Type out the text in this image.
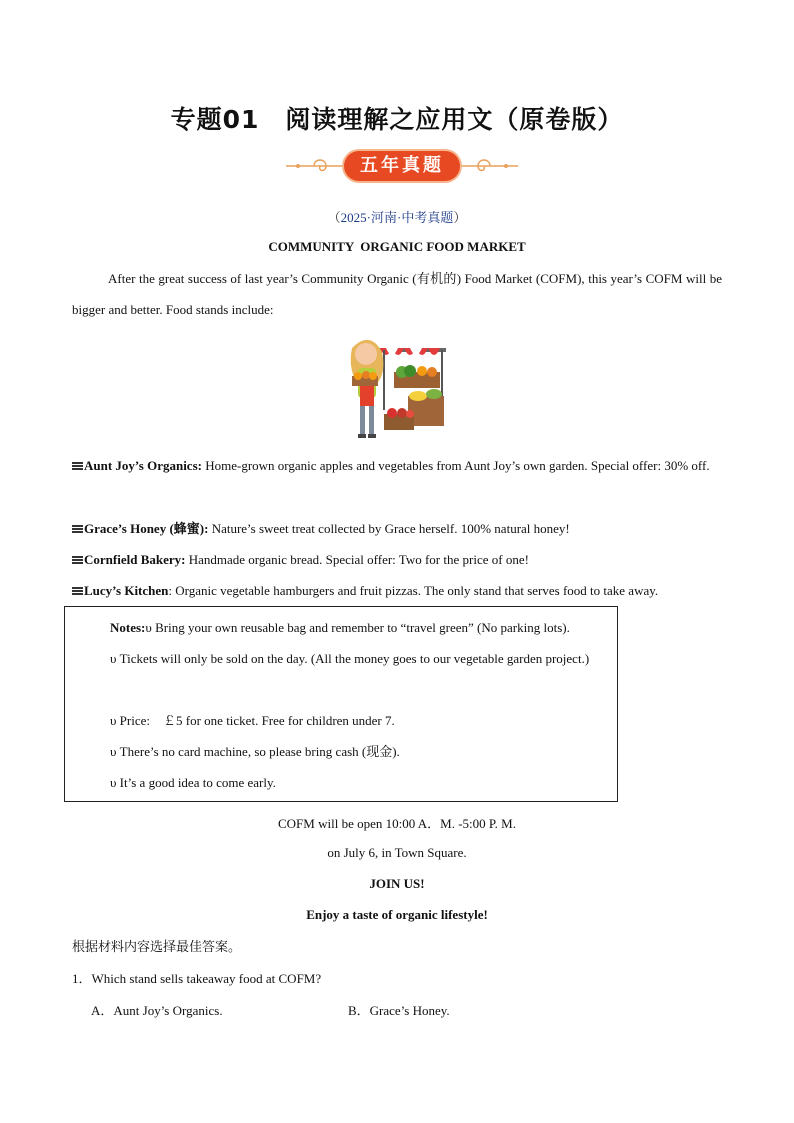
专题01　阅读理解之应用文（原卷版）
五年真题
（2025·河南·中考真题）
COMMUNITY  ORGANIC FOOD MARKET
After the great success of last year’s Community Organic (有机的) Food Market (COFM), this year’s COFM will be bigger and better. Food stands include:
Aunt Joy’s Organics: Home-grown organic apples and vegetables from Aunt Joy’s own garden. Special offer: 30% off.
Grace’s Honey (蜂蜜): Nature’s sweet treat collected by Grace herself. 100% natural honey!
Cornfield Bakery: Handmade organic bread. Special offer: Two for the price of one!
Lucy’s Kitchen: Organic vegetable hamburgers and fruit pizzas. The only stand that serves food to take away.
Notes:υ Bring your own reusable bag and remember to “travel green” (No parking lots).
υ Tickets will only be sold on the day. (All the money goes to our vegetable garden project.)
υ Price:　￡5 for one ticket. Free for children under 7.
υ There’s no card machine, so please bring cash (现金).
υ It’s a good idea to come early.
COFM will be open 10:00 A．M. -5:00 P. M.
on July 6, in Town Square.
JOIN US!
Enjoy a taste of organic lifestyle!
根据材料内容选择最佳答案。
1．Which stand sells takeaway food at COFM?
A．Aunt Joy’s Organics.	B．Grace’s Honey.
